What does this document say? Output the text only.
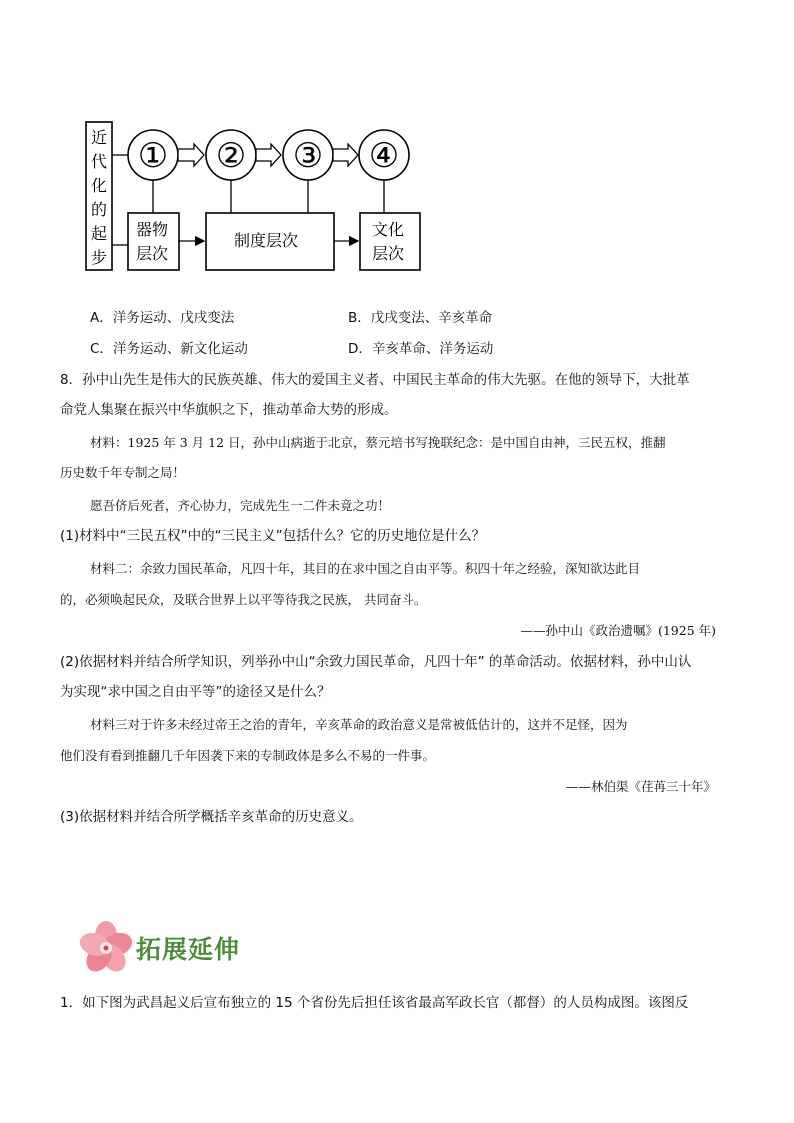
近
代
化
的
起
步
① ② ③ ④
器物
层次
制度层次
文化
层次
A．洋务运动、戊戌变法	B．戊戌变法、辛亥革命
C．洋务运动、新文化运动	D．辛亥革命、洋务运动
8．孙中山先生是伟大的民族英雄、伟大的爱国主义者、中国民主革命的伟大先驱。在他的领导下，大批革
命党人集聚在振兴中华旗帜之下，推动革命大势的形成。
材料：1925 年 3 月 12 日，孙中山病逝于北京，蔡元培书写挽联纪念：是中国自由神，三民五权，推翻
历史数千年专制之局！
愿吾侪后死者，齐心协力，完成先生一二件未竟之功！
(1)材料中“三民五权”中的“三民主义”包括什么？它的历史地位是什么？
材料二：余致力国民革命，凡四十年，其目的在求中国之自由平等。积四十年之经验，深知欲达此目
的，必须唤起民众，及联合世界上以平等待我之民族， 共同奋斗。
——孙中山《政治遗嘱》(1925 年)
(2)依据材料并结合所学知识，列举孙中山“余致力国民革命，凡四十年” 的革命活动。依据材料，孙中山认
为实现“求中国之自由平等”的途径又是什么？
材料三对于许多未经过帝王之治的青年，辛亥革命的政治意义是常被低估计的，这并不足怪，因为
他们没有看到推翻几千年因袭下来的专制政体是多么不易的一件事。
——林伯渠《荏苒三十年》
(3)依据材料并结合所学概括辛亥革命的历史意义。
拓展延伸
1．如下图为武昌起义后宣布独立的 15 个省份先后担任该省最高军政长官（都督）的人员构成图。该图反
